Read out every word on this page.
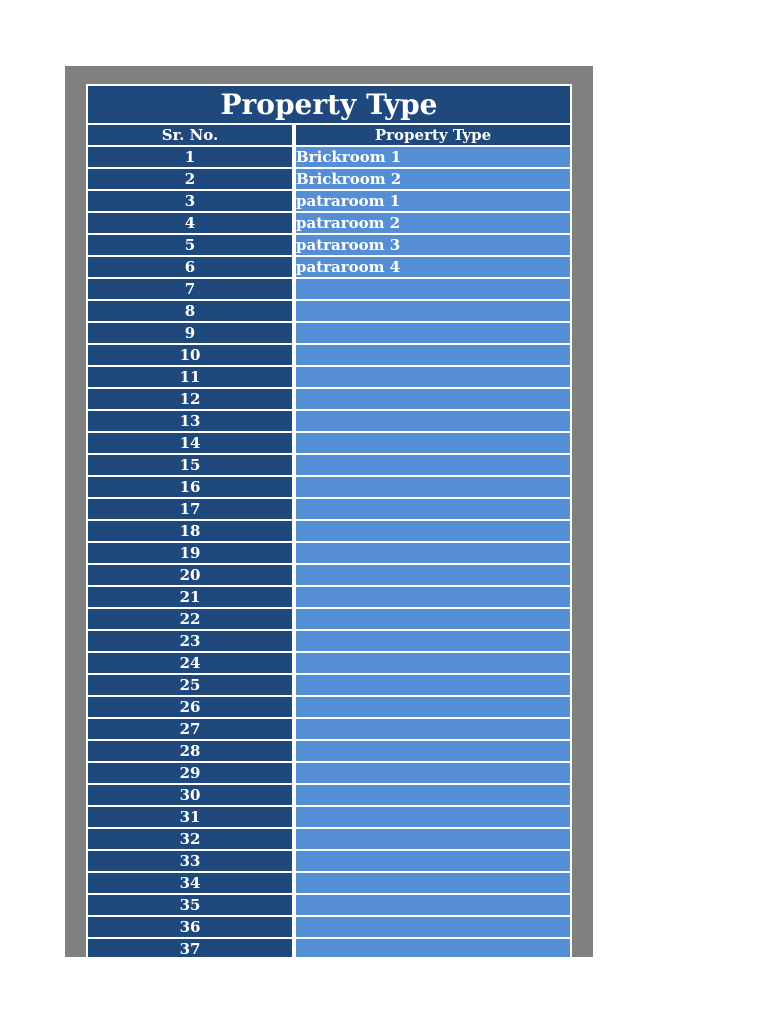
Property Type
Sr. No.	Property Type
1	Brickroom 1
2	Brickroom 2
3	patraroom 1
4	patraroom 2
5	patraroom 3
6	patraroom 4
7
8
9
10
11
12
13
14
15
16
17
18
19
20
21
22
23
24
25
26
27
28
29
30
31
32
33
34
35
36
37
